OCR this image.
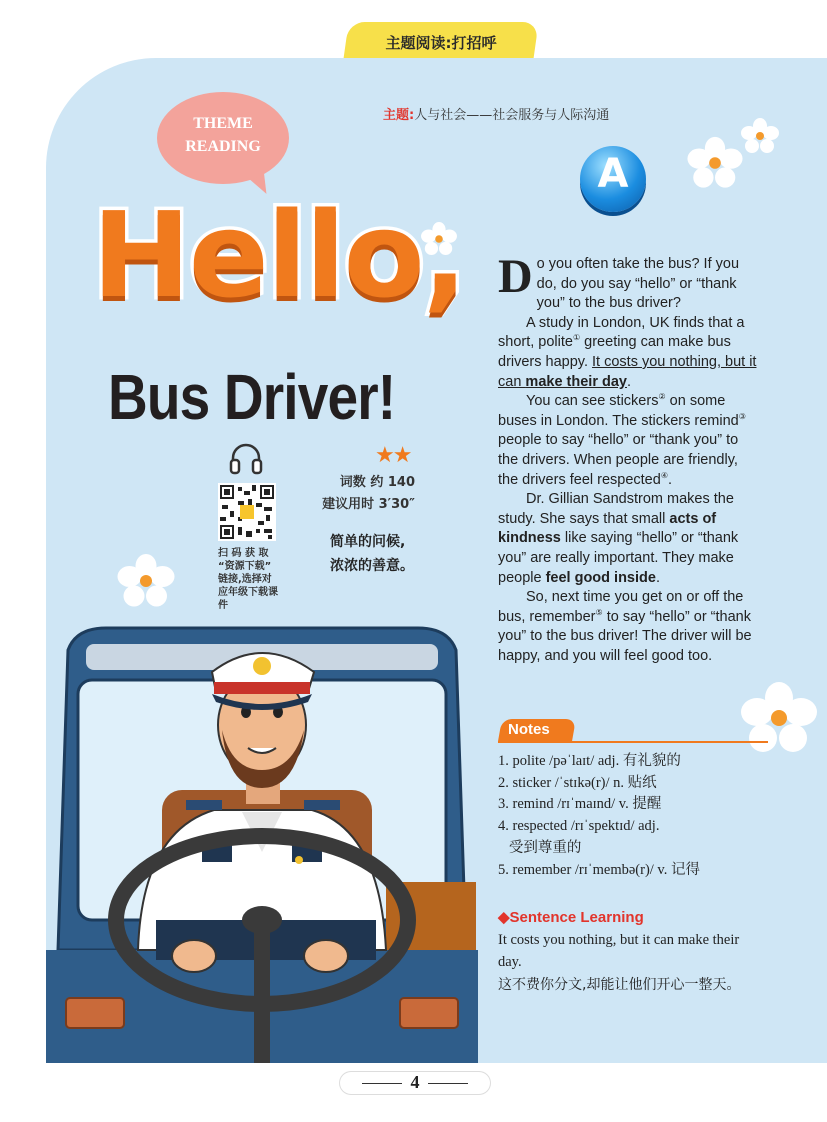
主题阅读:打招呼
THEME
READING
主题:人与社会——社会服务与人际沟通
A
Hello,
Bus Driver!
★★
词数 约 140
建议用时 3′30″
扫 码 获 取 “资源下载” 链接,选择对应年级下载课件
简单的问候,
浓浓的善意。

Do you often take the bus? If you do, do you say “hello” or “thank you” to the bus driver?

A study in London, UK finds that a short, polite① greeting can make bus drivers happy. It costs you nothing, but it can make their day.

You can see stickers② on some buses in London. The stickers remind③ people to say “hello” or “thank you” to the drivers. When people are friendly, the drivers feel respected④.

Dr. Gillian Sandstrom makes the study. She says that small acts of kindness like saying “hello” or “thank you” are really important. They make people feel good inside.

So, next time you get on or off the bus, remember⑤ to say “hello” or “thank you” to the bus driver! The driver will be happy, and you will feel good too.

Notes
1. polite /pəˈlaɪt/ adj. 有礼貌的
2. sticker /ˈstɪkə(r)/ n. 贴纸
3. remind /rɪˈmaɪnd/ v. 提醒
4. respected /rɪˈspektɪd/ adj.
受到尊重的
5. remember /rɪˈmembə(r)/ v. 记得
◆Sentence Learning
It costs you nothing, but it can make their day.
这不费你分文,却能让他们开心一整天。
4
